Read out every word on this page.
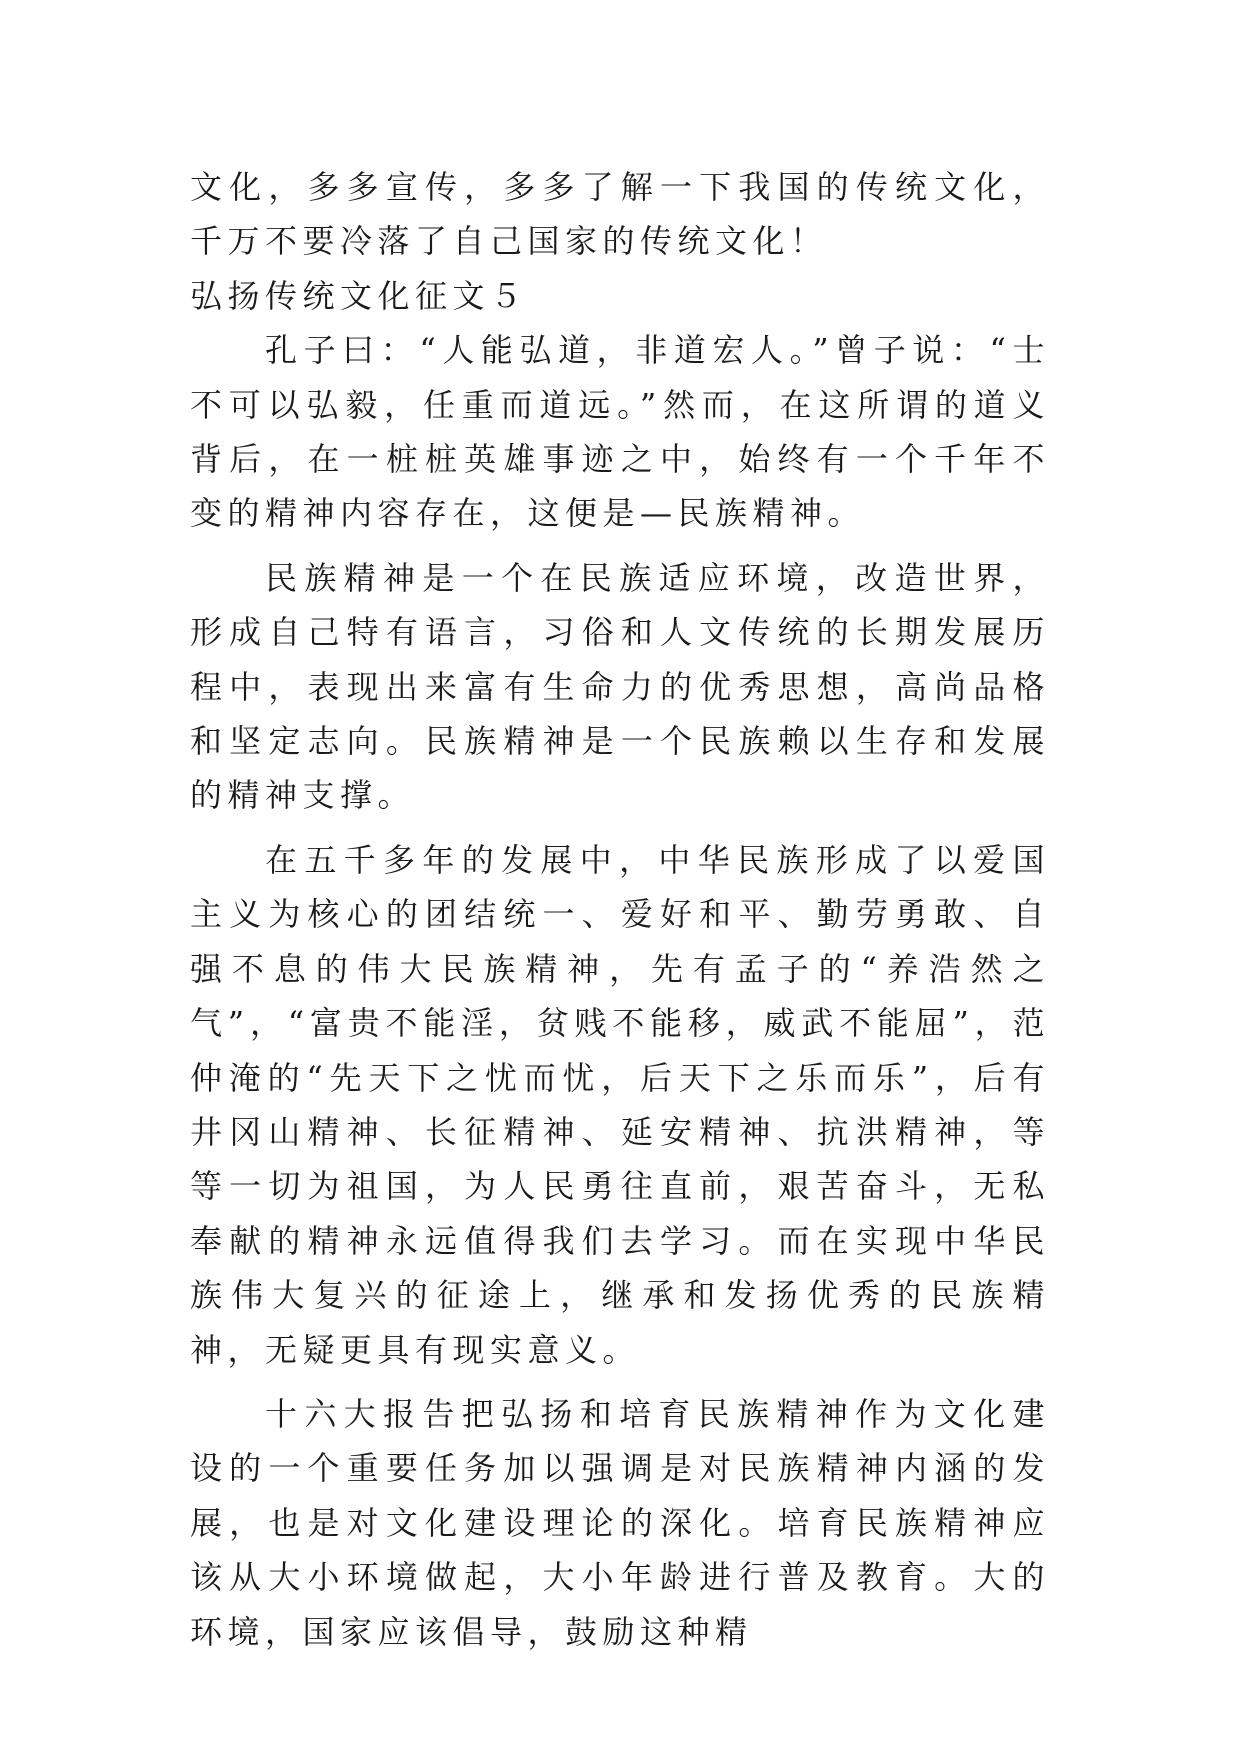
文化，多多宣传，多多了解一下我国的传统文化，千万不要冷落了自己国家的传统文化！

弘扬传统文化征文５

孔子曰：“人能弘道，非道宏人。”曾子说：“士不可以弘毅，任重而道远。”然而，在这所谓的道义背后，在一桩桩英雄事迹之中，始终有一个千年不变的精神内容存在，这便是—民族精神。

民族精神是一个在民族适应环境，改造世界，形成自己特有语言，习俗和人文传统的长期发展历程中，表现出来富有生命力的优秀思想，高尚品格和坚定志向。民族精神是一个民族赖以生存和发展的精神支撑。

在五千多年的发展中，中华民族形成了以爱国主义为核心的团结统一、爱好和平、勤劳勇敢、自强不息的伟大民族精神，先有孟子的“养浩然之气”，“富贵不能淫，贫贱不能移，威武不能屈”，范仲淹的“先天下之忧而忧，后天下之乐而乐”，后有井冈山精神、长征精神、延安精神、抗洪精神，等等一切为祖国，为人民勇往直前，艰苦奋斗，无私奉献的精神永远值得我们去学习。而在实现中华民族伟大复兴的征途上，继承和发扬优秀的民族精神，无疑更具有现实意义。

十六大报告把弘扬和培育民族精神作为文化建设的一个重要任务加以强调是对民族精神内涵的发展，也是对文化建设理论的深化。培育民族精神应该从大小环境做起，大小年龄进行普及教育。大的环境，国家应该倡导，鼓励这种精
